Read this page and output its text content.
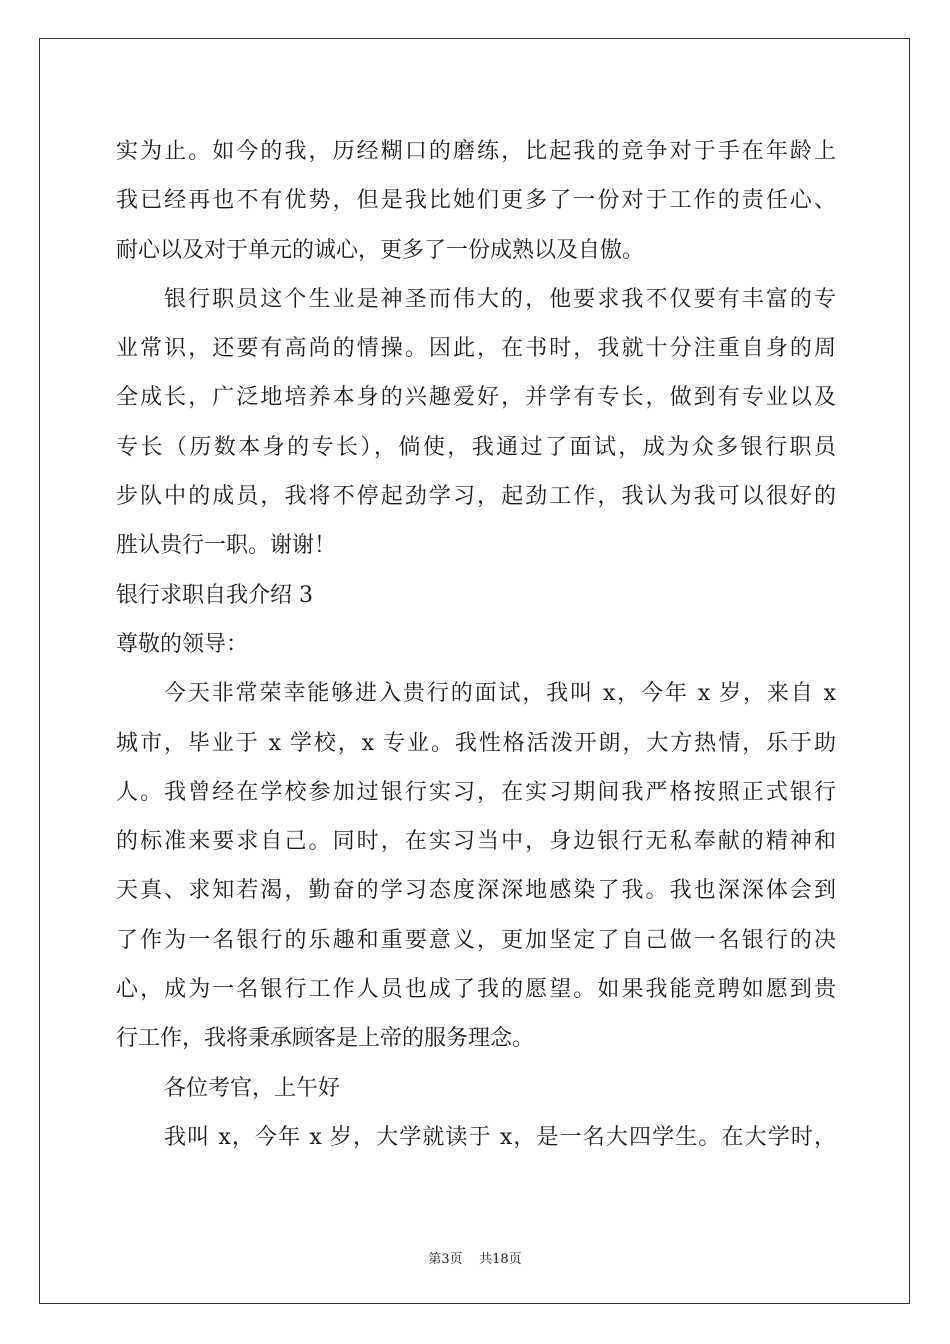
实为止。如今的我，历经糊口的磨练，比起我的竞争对于手在年龄上
我已经再也不有优势，但是我比她们更多了一份对于工作的责任心、
耐心以及对于单元的诚心，更多了一份成熟以及自傲。
银行职员这个生业是神圣而伟大的，他要求我不仅要有丰富的专
业常识，还要有高尚的情操。因此，在书时，我就十分注重自身的周
全成长，广泛地培养本身的兴趣爱好，并学有专长，做到有专业以及
专长（历数本身的专长），倘使，我通过了面试，成为众多银行职员
步队中的成员，我将不停起劲学习，起劲工作，我认为我可以很好的
胜认贵行一职。谢谢！
银行求职自我介绍 3
尊敬的领导：
今天非常荣幸能够进入贵行的面试，我叫 x，今年 x 岁，来自 x
城市，毕业于 x 学校，x 专业。我性格活泼开朗，大方热情，乐于助
人。我曾经在学校参加过银行实习，在实习期间我严格按照正式银行
的标准来要求自己。同时，在实习当中，身边银行无私奉献的精神和
天真、求知若渴，勤奋的学习态度深深地感染了我。我也深深体会到
了作为一名银行的乐趣和重要意义，更加坚定了自己做一名银行的决
心，成为一名银行工作人员也成了我的愿望。如果我能竞聘如愿到贵
行工作，我将秉承顾客是上帝的服务理念。
各位考官，上午好
我叫 x，今年 x 岁，大学就读于 x，是一名大四学生。在大学时，
第3页 共18页
